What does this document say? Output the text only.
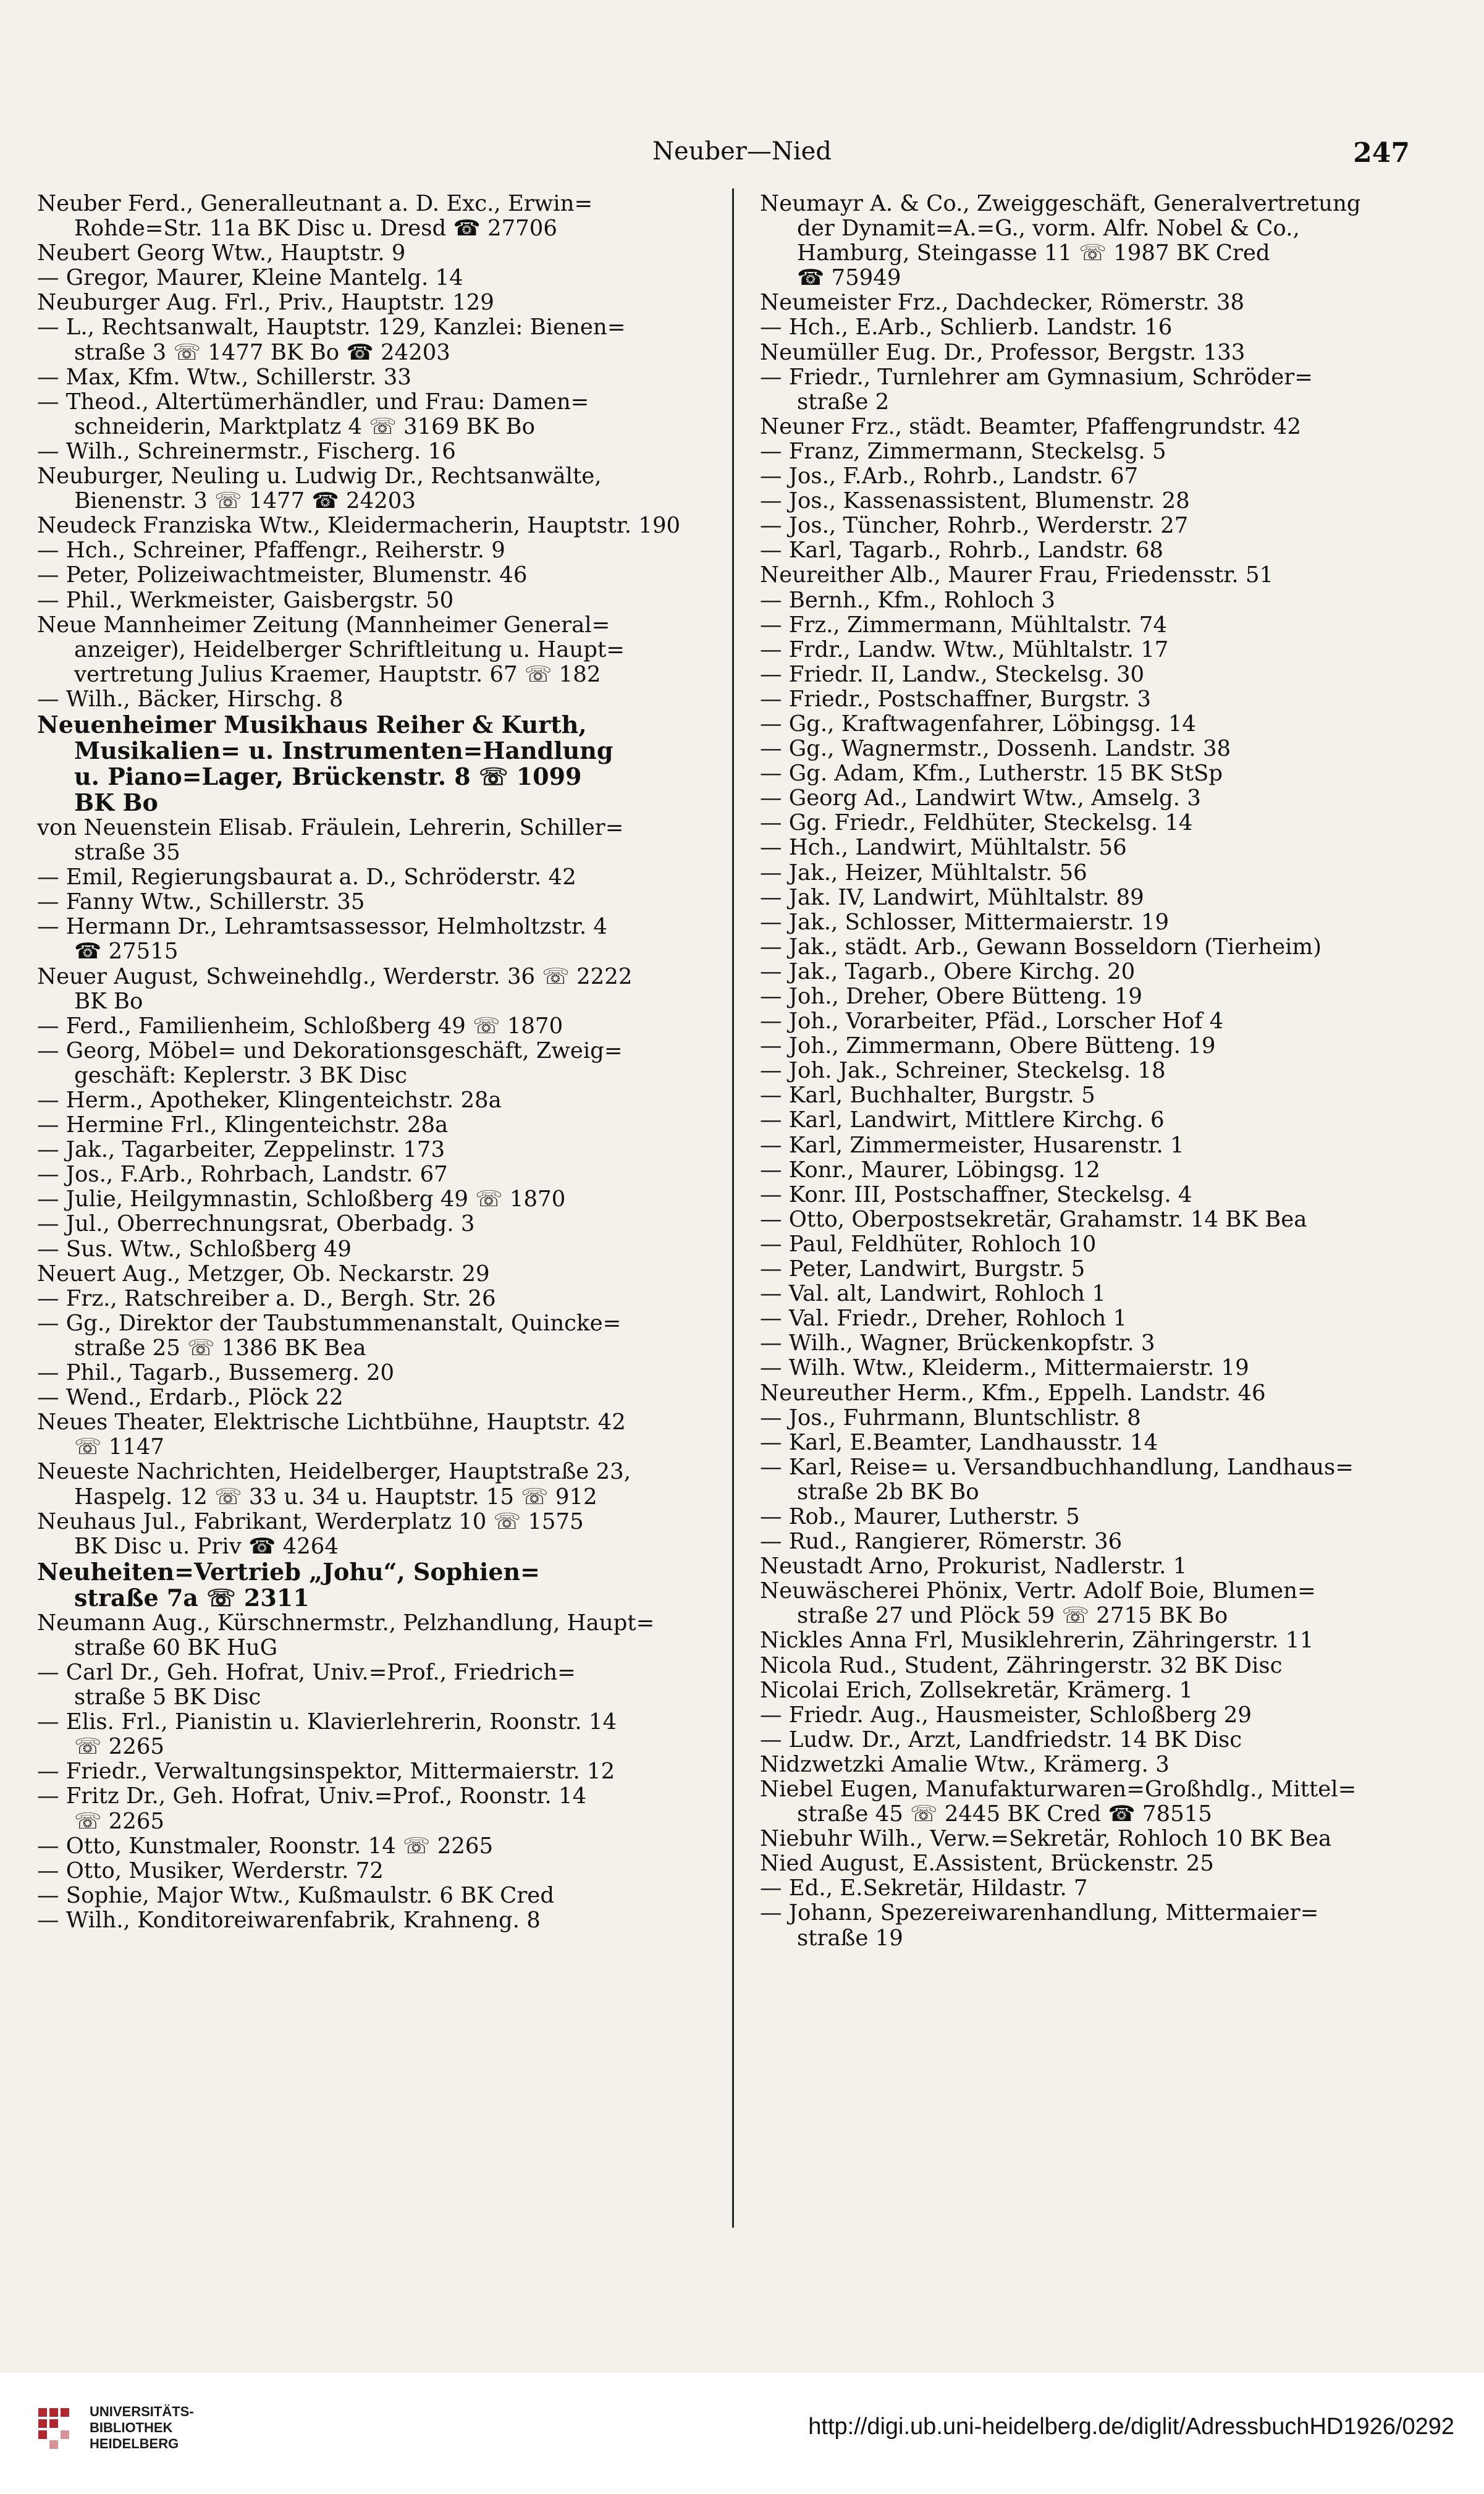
Neuber—Nied	247
Neuber Ferd., Generalleutnant a. D. Exc., Erwin=
Rohde=Str. 11a BK Disc u. Dresd ☎ 27706
Neubert Georg Wtw., Hauptstr. 9
— Gregor, Maurer, Kleine Mantelg. 14
Neuburger Aug. Frl., Priv., Hauptstr. 129
— L., Rechtsanwalt, Hauptstr. 129, Kanzlei: Bienen=
straße 3 ☏ 1477 BK Bo ☎ 24203
— Max, Kfm. Wtw., Schillerstr. 33
— Theod., Altertümerhändler, und Frau: Damen=
schneiderin, Marktplatz 4 ☏ 3169 BK Bo
— Wilh., Schreinermstr., Fischerg. 16
Neuburger, Neuling u. Ludwig Dr., Rechtsanwälte,
Bienenstr. 3 ☏ 1477 ☎ 24203
Neudeck Franziska Wtw., Kleidermacherin, Hauptstr. 190
— Hch., Schreiner, Pfaffengr., Reiherstr. 9
— Peter, Polizeiwachtmeister, Blumenstr. 46
— Phil., Werkmeister, Gaisbergstr. 50
Neue Mannheimer Zeitung (Mannheimer General=
anzeiger), Heidelberger Schriftleitung u. Haupt=
vertretung Julius Kraemer, Hauptstr. 67 ☏ 182
— Wilh., Bäcker, Hirschg. 8
Neuenheimer Musikhaus Reiher & Kurth,
Musikalien= u. Instrumenten=Handlung
u. Piano=Lager, Brückenstr. 8 ☏ 1099
BK Bo
von Neuenstein Elisab. Fräulein, Lehrerin, Schiller=
straße 35
— Emil, Regierungsbaurat a. D., Schröderstr. 42
— Fanny Wtw., Schillerstr. 35
— Hermann Dr., Lehramtsassessor, Helmholtzstr. 4
☎ 27515
Neuer August, Schweinehdlg., Werderstr. 36 ☏ 2222
BK Bo
— Ferd., Familienheim, Schloßberg 49 ☏ 1870
— Georg, Möbel= und Dekorationsgeschäft, Zweig=
geschäft: Keplerstr. 3 BK Disc
— Herm., Apotheker, Klingenteichstr. 28a
— Hermine Frl., Klingenteichstr. 28a
— Jak., Tagarbeiter, Zeppelinstr. 173
— Jos., F.Arb., Rohrbach, Landstr. 67
— Julie, Heilgymnastin, Schloßberg 49 ☏ 1870
— Jul., Oberrechnungsrat, Oberbadg. 3
— Sus. Wtw., Schloßberg 49
Neuert Aug., Metzger, Ob. Neckarstr. 29
— Frz., Ratschreiber a. D., Bergh. Str. 26
— Gg., Direktor der Taubstummenanstalt, Quincke=
straße 25 ☏ 1386 BK Bea
— Phil., Tagarb., Bussemerg. 20
— Wend., Erdarb., Plöck 22
Neues Theater, Elektrische Lichtbühne, Hauptstr. 42
☏ 1147
Neueste Nachrichten, Heidelberger, Hauptstraße 23,
Haspelg. 12 ☏ 33 u. 34 u. Hauptstr. 15 ☏ 912
Neuhaus Jul., Fabrikant, Werderplatz 10 ☏ 1575
BK Disc u. Priv ☎ 4264
Neuheiten=Vertrieb „Johu“, Sophien=
straße 7a ☏ 2311
Neumann Aug., Kürschnermstr., Pelzhandlung, Haupt=
straße 60 BK HuG
— Carl Dr., Geh. Hofrat, Univ.=Prof., Friedrich=
straße 5 BK Disc
— Elis. Frl., Pianistin u. Klavierlehrerin, Roonstr. 14
☏ 2265
— Friedr., Verwaltungsinspektor, Mittermaierstr. 12
— Fritz Dr., Geh. Hofrat, Univ.=Prof., Roonstr. 14
☏ 2265
— Otto, Kunstmaler, Roonstr. 14 ☏ 2265
— Otto, Musiker, Werderstr. 72
— Sophie, Major Wtw., Kußmaulstr. 6 BK Cred
— Wilh., Konditoreiwarenfabrik, Krahneng. 8
Neumayr A. & Co., Zweiggeschäft, Generalvertretung
der Dynamit=A.=G., vorm. Alfr. Nobel & Co.,
Hamburg, Steingasse 11 ☏ 1987 BK Cred
☎ 75949
Neumeister Frz., Dachdecker, Römerstr. 38
— Hch., E.Arb., Schlierb. Landstr. 16
Neumüller Eug. Dr., Professor, Bergstr. 133
— Friedr., Turnlehrer am Gymnasium, Schröder=
straße 2
Neuner Frz., städt. Beamter, Pfaffengrundstr. 42
— Franz, Zimmermann, Steckelsg. 5
— Jos., F.Arb., Rohrb., Landstr. 67
— Jos., Kassenassistent, Blumenstr. 28
— Jos., Tüncher, Rohrb., Werderstr. 27
— Karl, Tagarb., Rohrb., Landstr. 68
Neureither Alb., Maurer Frau, Friedensstr. 51
— Bernh., Kfm., Rohloch 3
— Frz., Zimmermann, Mühltalstr. 74
— Frdr., Landw. Wtw., Mühltalstr. 17
— Friedr. II, Landw., Steckelsg. 30
— Friedr., Postschaffner, Burgstr. 3
— Gg., Kraftwagenfahrer, Löbingsg. 14
— Gg., Wagnermstr., Dossenh. Landstr. 38
— Gg. Adam, Kfm., Lutherstr. 15 BK StSp
— Georg Ad., Landwirt Wtw., Amselg. 3
— Gg. Friedr., Feldhüter, Steckelsg. 14
— Hch., Landwirt, Mühltalstr. 56
— Jak., Heizer, Mühltalstr. 56
— Jak. IV, Landwirt, Mühltalstr. 89
— Jak., Schlosser, Mittermaierstr. 19
— Jak., städt. Arb., Gewann Bosseldorn (Tierheim)
— Jak., Tagarb., Obere Kirchg. 20
— Joh., Dreher, Obere Bütteng. 19
— Joh., Vorarbeiter, Pfäd., Lorscher Hof 4
— Joh., Zimmermann, Obere Bütteng. 19
— Joh. Jak., Schreiner, Steckelsg. 18
— Karl, Buchhalter, Burgstr. 5
— Karl, Landwirt, Mittlere Kirchg. 6
— Karl, Zimmermeister, Husarenstr. 1
— Konr., Maurer, Löbingsg. 12
— Konr. III, Postschaffner, Steckelsg. 4
— Otto, Oberpostsekretär, Grahamstr. 14 BK Bea
— Paul, Feldhüter, Rohloch 10
— Peter, Landwirt, Burgstr. 5
— Val. alt, Landwirt, Rohloch 1
— Val. Friedr., Dreher, Rohloch 1
— Wilh., Wagner, Brückenkopfstr. 3
— Wilh. Wtw., Kleiderm., Mittermaierstr. 19
Neureuther Herm., Kfm., Eppelh. Landstr. 46
— Jos., Fuhrmann, Bluntschlistr. 8
— Karl, E.Beamter, Landhausstr. 14
— Karl, Reise= u. Versandbuchhandlung, Landhaus=
straße 2b BK Bo
— Rob., Maurer, Lutherstr. 5
— Rud., Rangierer, Römerstr. 36
Neustadt Arno, Prokurist, Nadlerstr. 1
Neuwäscherei Phönix, Vertr. Adolf Boie, Blumen=
straße 27 und Plöck 59 ☏ 2715 BK Bo
Nickles Anna Frl, Musiklehrerin, Zähringerstr. 11
Nicola Rud., Student, Zähringerstr. 32 BK Disc
Nicolai Erich, Zollsekretär, Krämerg. 1
— Friedr. Aug., Hausmeister, Schloßberg 29
— Ludw. Dr., Arzt, Landfriedstr. 14 BK Disc
Nidzwetzki Amalie Wtw., Krämerg. 3
Niebel Eugen, Manufakturwaren=Großhdlg., Mittel=
straße 45 ☏ 2445 BK Cred ☎ 78515
Niebuhr Wilh., Verw.=Sekretär, Rohloch 10 BK Bea
Nied August, E.Assistent, Brückenstr. 25
— Ed., E.Sekretär, Hildastr. 7
— Johann, Spezereiwarenhandlung, Mittermaier=
straße 19
UNIVERSITÄTS-
BIBLIOTHEK
HEIDELBERG
http://digi.ub.uni-heidelberg.de/diglit/AdressbuchHD1926/0292
